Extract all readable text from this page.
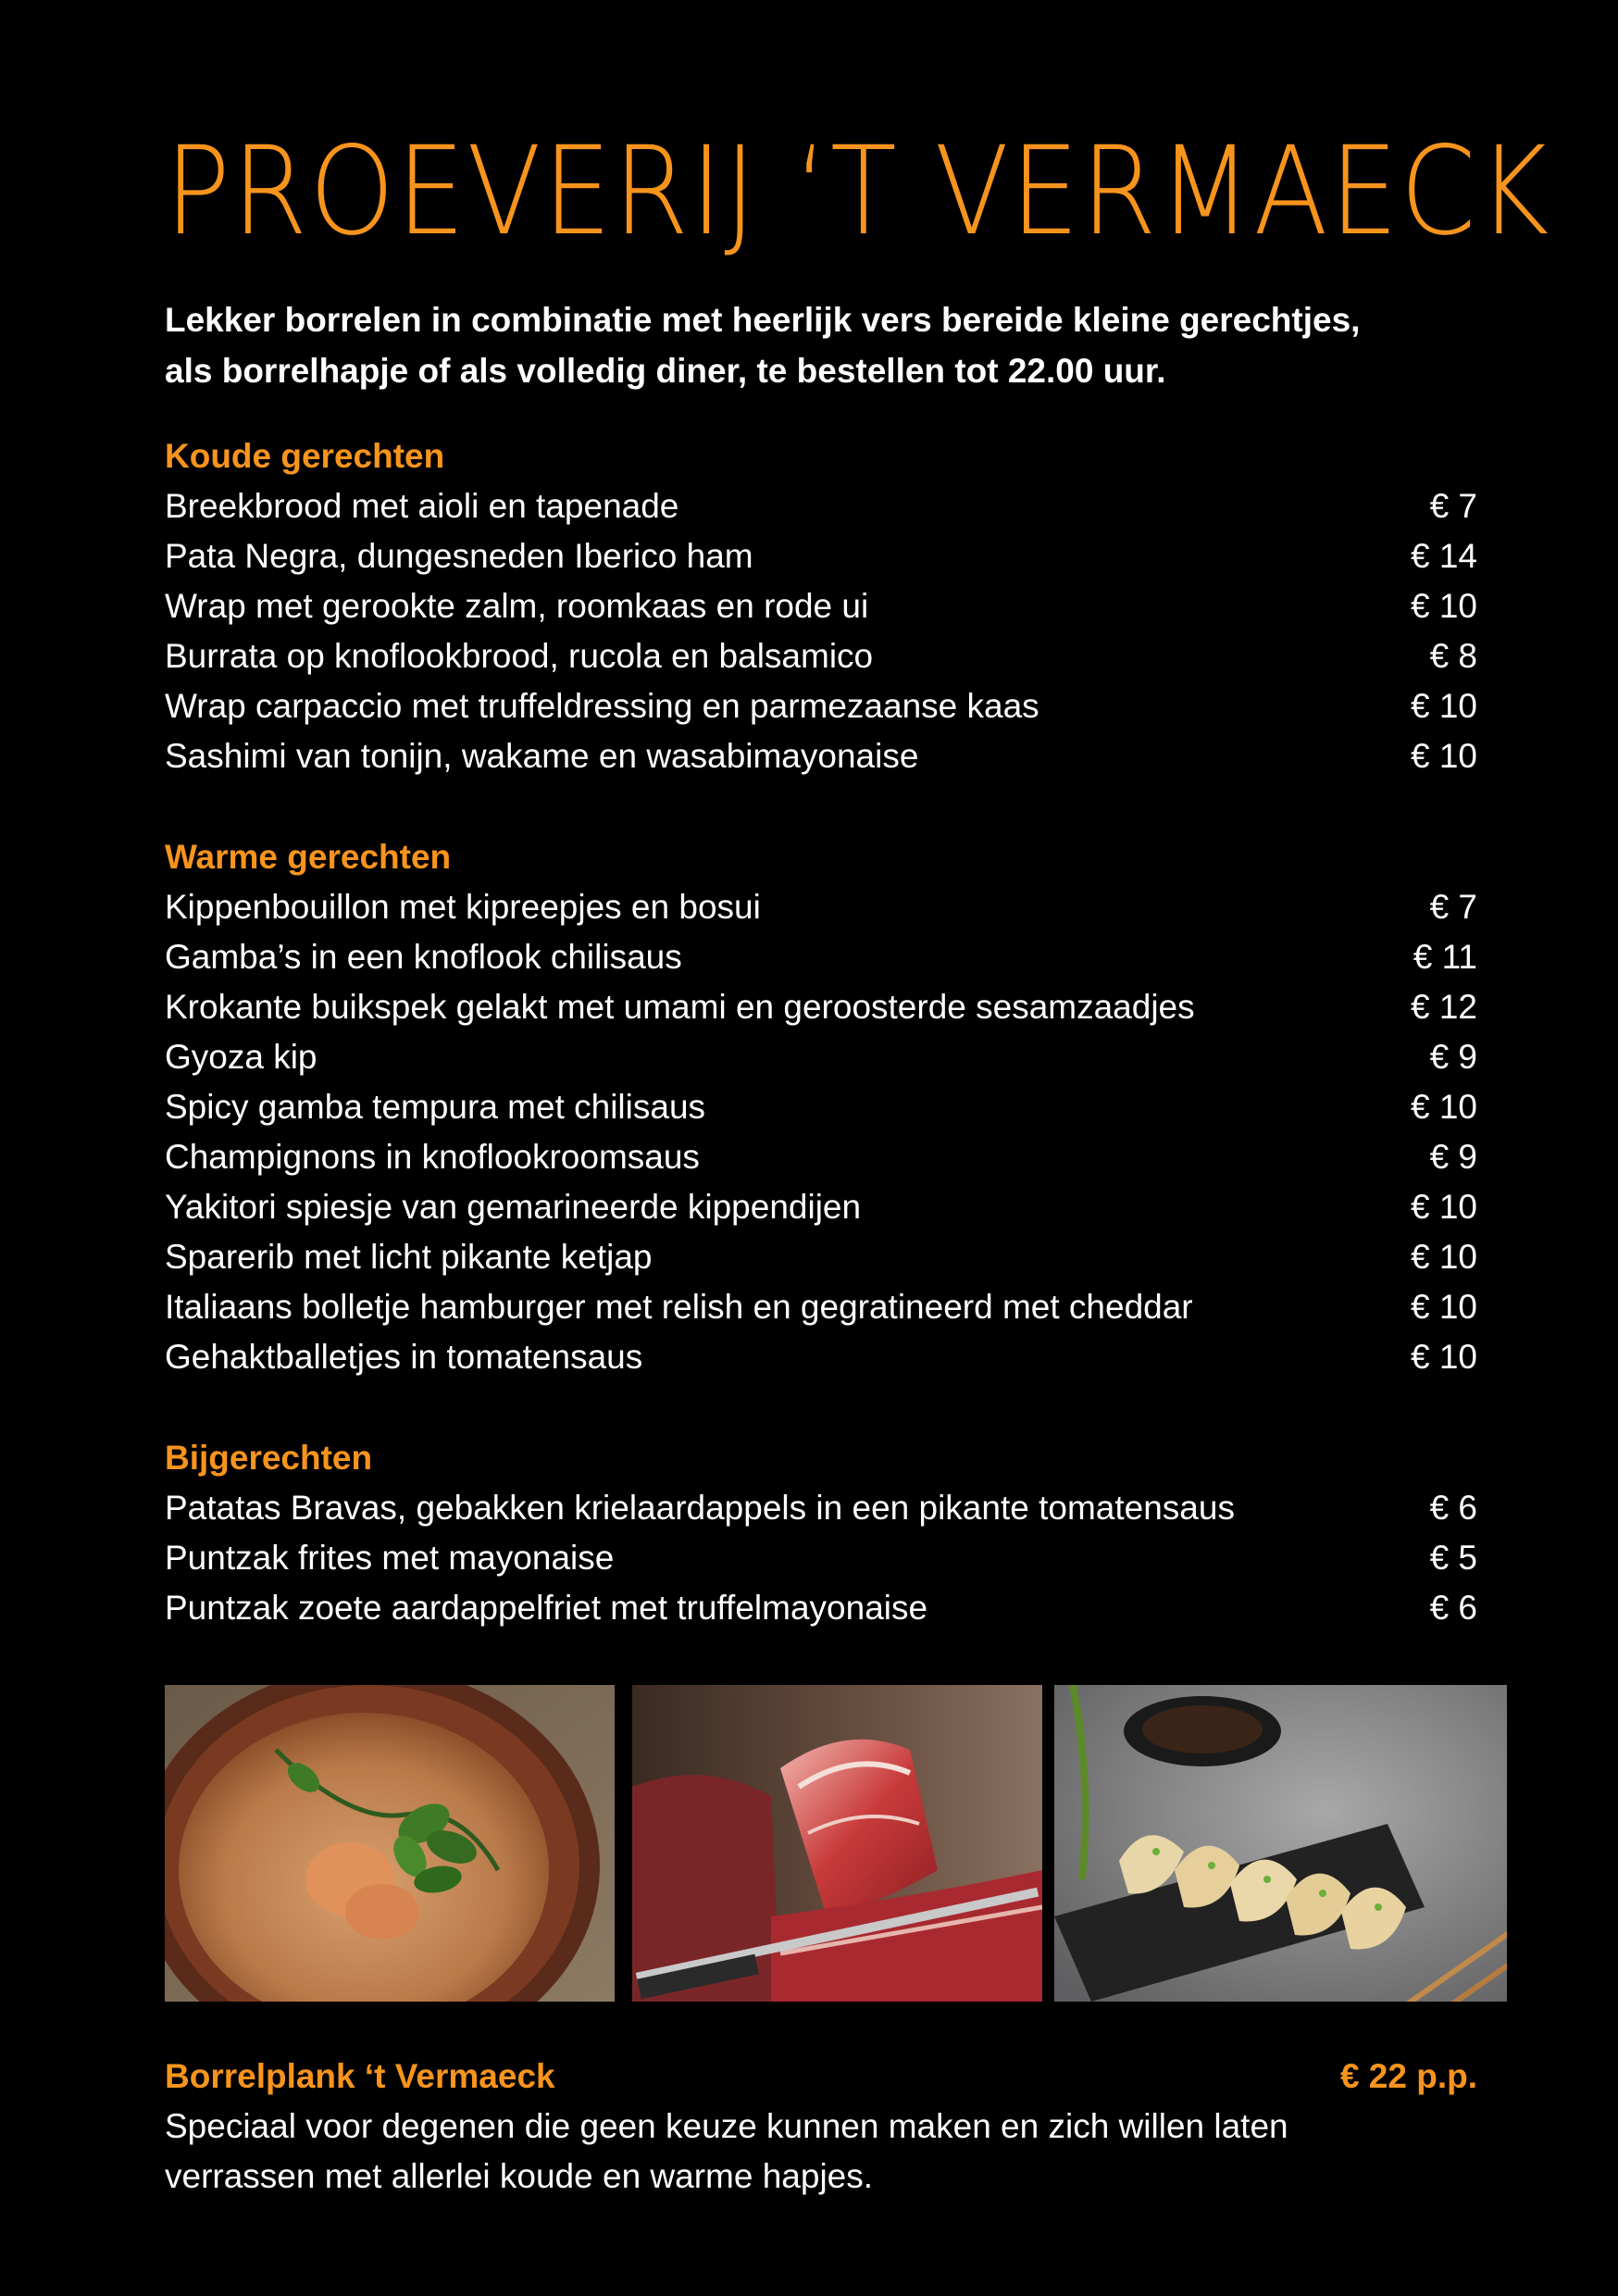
PROEVERIJ ‘T VERMAECK
Lekker borrelen in combinatie met heerlijk vers bereide kleine gerechtjes,
als borrelhapje of als volledig diner, te bestellen tot 22.00 uur.
Koude gerechten
Breekbrood met aioli en tapenade	€ 7
Pata Negra, dungesneden Iberico ham	€ 14
Wrap met gerookte zalm, roomkaas en rode ui	€ 10
Burrata op knoflookbrood, rucola en balsamico	€ 8
Wrap carpaccio met truffeldressing en parmezaanse kaas	€ 10
Sashimi van tonijn, wakame en wasabimayonaise	€ 10
Warme gerechten
Kippenbouillon met kipreepjes en bosui	€ 7
Gamba’s in een knoflook chilisaus	€ 11
Krokante buikspek gelakt met umami en geroosterde sesamzaadjes	€ 12
Gyoza kip	€ 9
Spicy gamba tempura met chilisaus	€ 10
Champignons in knoflookroomsaus	€ 9
Yakitori spiesje van gemarineerde kippendijen	€ 10
Sparerib met licht pikante ketjap	€ 10
Italiaans bolletje hamburger met relish en gegratineerd met cheddar	€ 10
Gehaktballetjes in tomatensaus	€ 10
Bijgerechten
Patatas Bravas, gebakken krielaardappels in een pikante tomatensaus	€ 6
Puntzak frites met mayonaise	€ 5
Puntzak zoete aardappelfriet met truffelmayonaise	€ 6
Borrelplank ‘t Vermaeck	€ 22 p.p.
Speciaal voor degenen die geen keuze kunnen maken en zich willen laten
verrassen met allerlei koude en warme hapjes.
